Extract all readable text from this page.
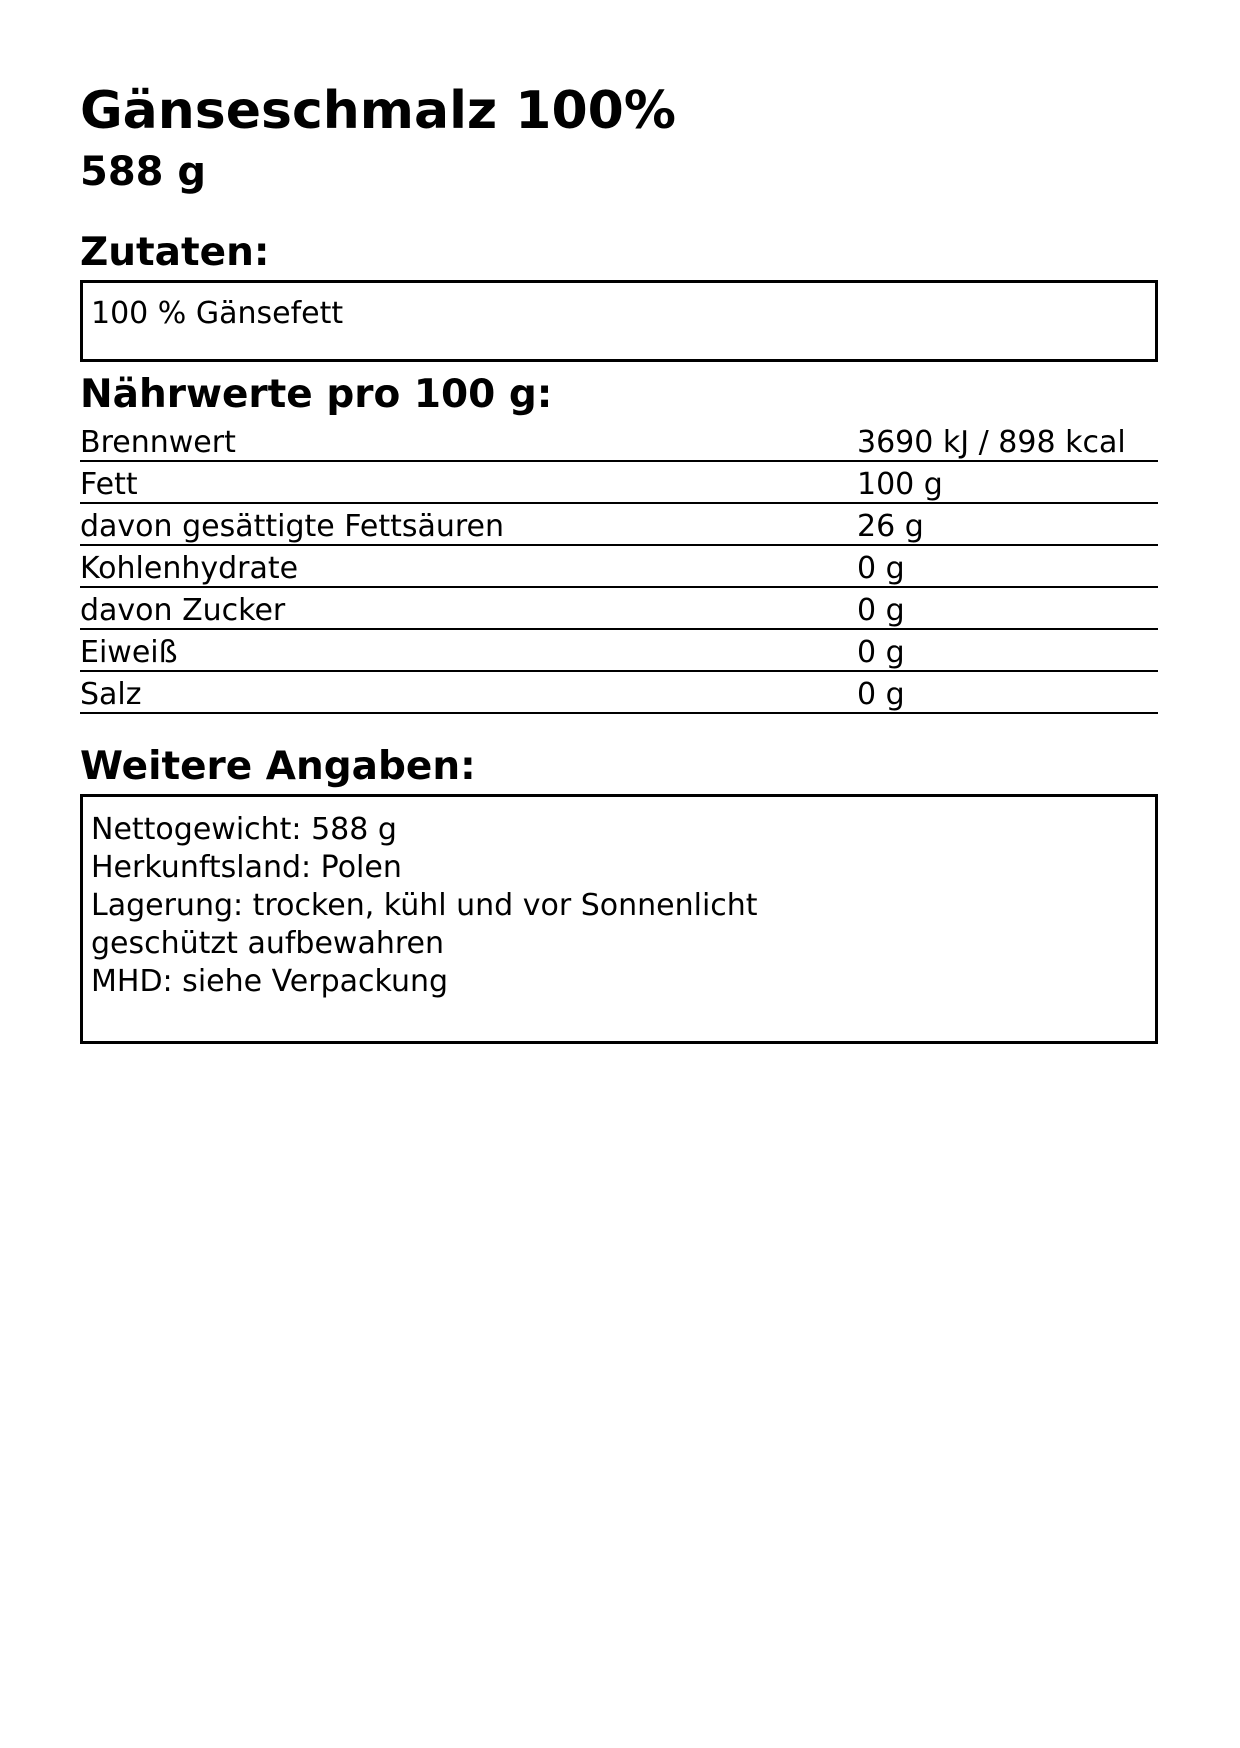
Gänseschmalz 100%
588 g
Zutaten:
100 % Gänsefett
Nährwerte pro 100 g:
Brennwert	3690 kJ / 898 kcal
Fett	100 g
davon gesättigte Fettsäuren	26 g
Kohlenhydrate	0 g
davon Zucker	0 g
Eiweiß	0 g
Salz	0 g
Weitere Angaben:
Nettogewicht: 588 g
Herkunftsland: Polen
Lagerung: trocken, kühl und vor Sonnenlicht
geschützt aufbewahren
MHD: siehe Verpackung
